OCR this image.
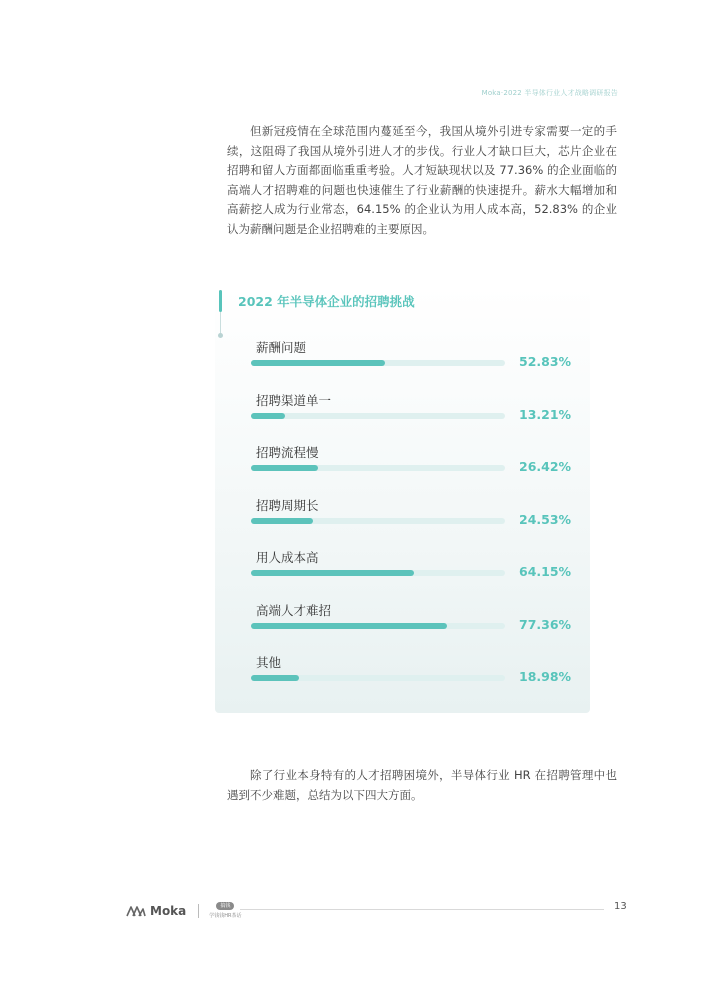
Moka·2022 半导体行业人才战略调研报告

但新冠疫情在全球范围内蔓延至今，我国从境外引进专家需要一定的手续，这阻碍了我国从境外引进人才的步伐。行业人才缺口巨大，芯片企业在招聘和留人方面都面临重重考验。人才短缺现状以及 77.36% 的企业面临的高端人才招聘难的问题也快速催生了行业薪酬的快速提升。薪水大幅增加和高薪挖人成为行业常态，64.15% 的企业认为用人成本高，52.83% 的企业认为薪酬问题是企业招聘难的主要原因。

2022 年半导体企业的招聘挑战
薪酬问题
52.83%
招聘渠道单一
13.21%
招聘流程慢
26.42%
招聘周期长
24.53%
用人成本高
64.15%
高端人才难招
77.36%
其他
18.98%

除了行业本身特有的人才招聘困境外，半导体行业 HR 在招聘管理中也遇到不少难题，总结为以下四大方面。

Moka	搞钱
学钱钱HR茶话
13
